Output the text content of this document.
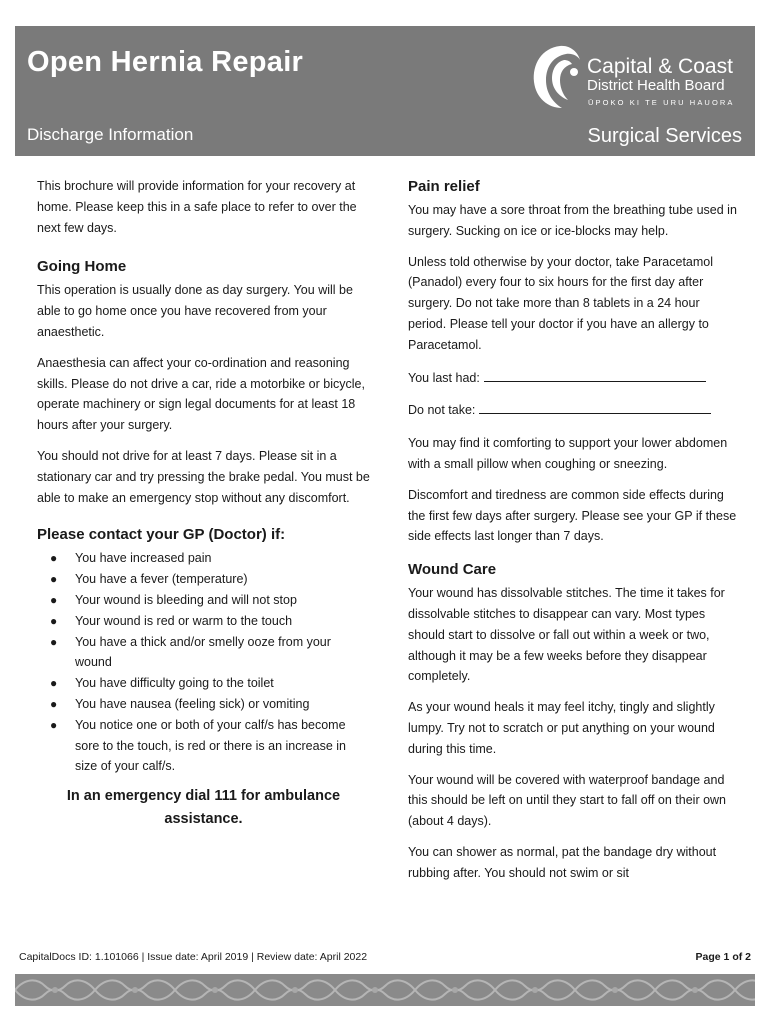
Open Hernia Repair
Discharge Information	Surgical Services
Capital & Coast
District Health Board
ŪPOKO KI TE URU HAUORA

This brochure will provide information for your recovery at home. Please keep this in a safe place to refer to over the next few days.

Going Home

This operation is usually done as day surgery. You will be able to go home once you have recovered from your anaesthetic.

Anaesthesia can affect your co-ordination and reasoning skills. Please do not drive a car, ride a motorbike or bicycle, operate machinery or sign legal documents for at least 18 hours after your surgery.

You should not drive for at least 7 days. Please sit in a stationary car and try pressing the brake pedal. You must be able to make an emergency stop without any discomfort.

Please contact your GP (Doctor) if:
● You have increased pain
● You have a fever (temperature)
● Your wound is bleeding and will not stop
● Your wound is red or warm to the touch
● You have a thick and/or smelly ooze from your wound
● You have difficulty going to the toilet
● You have nausea (feeling sick) or vomiting
● You notice one or both of your calf/s has become sore to the touch, is red or there is an increase in size of your calf/s.
In an emergency dial 111 for ambulance assistance.
Pain relief

You may have a sore throat from the breathing tube used in surgery. Sucking on ice or ice-blocks may help.

Unless told otherwise by your doctor, take Paracetamol (Panadol) every four to six hours for the first day after surgery. Do not take more than 8 tablets in a 24 hour period. Please tell your doctor if you have an allergy to Paracetamol.

You last had:

Do not take:

You may find it comforting to support your lower abdomen with a small pillow when coughing or sneezing.

Discomfort and tiredness are common side effects during the first few days after surgery. Please see your GP if these side effects last longer than 7 days.

Wound Care

Your wound has dissolvable stitches. The time it takes for dissolvable stitches to disappear can vary. Most types should start to dissolve or fall out within a week or two, although it may be a few weeks before they disappear completely.

As your wound heals it may feel itchy, tingly and slightly lumpy. Try not to scratch or put anything on your wound during this time.

Your wound will be covered with waterproof bandage and this should be left on until they start to fall off on their own (about 4 days).

You can shower as normal, pat the bandage dry without rubbing after. You should not swim or sit

CapitalDocs ID: 1.101066 | Issue date: April 2019 | Review date: April 2022	Page 1 of 2
